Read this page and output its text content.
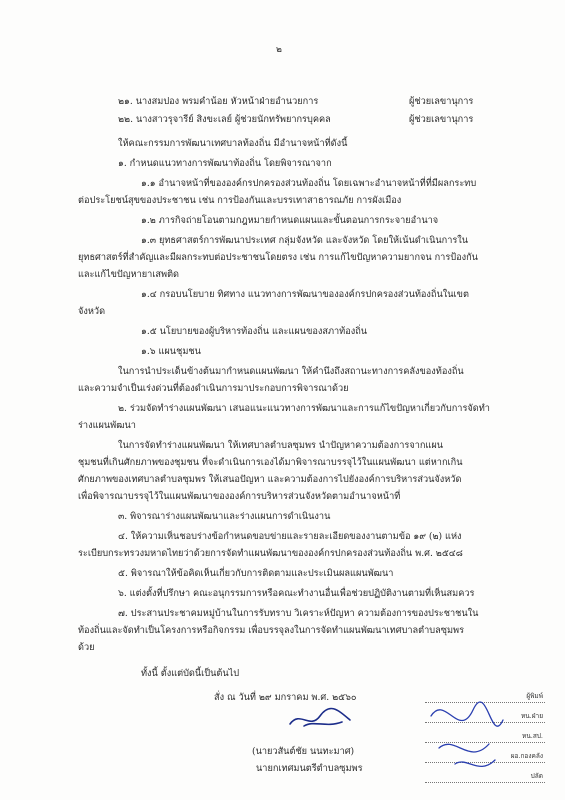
๒
๒๑. นางสมปอง พรมคำน้อย หัวหน้าฝ่ายอำนวยการ	ผู้ช่วยเลขานุการ
๒๒. นางสาวรุจารีย์ สิงขะเลย์ ผู้ช่วยนักทรัพยากรบุคคล	ผู้ช่วยเลขานุการ
ให้คณะกรรมการพัฒนาเทศบาลท้องถิ่น มีอำนาจหน้าที่ดังนี้
๑. กำหนดแนวทางการพัฒนาท้องถิ่น โดยพิจารณาจาก
๑.๑ อำนาจหน้าที่ขององค์กรปกครองส่วนท้องถิ่น โดยเฉพาะอำนาจหน้าที่ที่มีผลกระทบ
ต่อประโยชน์สุขของประชาชน เช่น การป้องกันและบรรเทาสาธารณภัย การผังเมือง
๑.๒ ภารกิจถ่ายโอนตามกฎหมายกำหนดแผนและขั้นตอนการกระจายอำนาจ
๑.๓ ยุทธศาสตร์การพัฒนาประเทศ กลุ่มจังหวัด และจังหวัด โดยให้เน้นดำเนินการใน
ยุทธศาสตร์ที่สำคัญและมีผลกระทบต่อประชาชนโดยตรง เช่น การแก้ไขปัญหาความยากจน การป้องกัน
และแก้ไขปัญหายาเสพติด
๑.๔ กรอบนโยบาย ทิศทาง แนวทางการพัฒนาขององค์กรปกครองส่วนท้องถิ่นในเขต
จังหวัด
๑.๕ นโยบายของผู้บริหารท้องถิ่น และแผนของสภาท้องถิ่น
๑.๖ แผนชุมชน
ในการนำประเด็นข้างต้นมากำหนดแผนพัฒนา ให้คำนึงถึงสถานะทางการคลังของท้องถิ่น
และความจำเป็นเร่งด่วนที่ต้องดำเนินการมาประกอบการพิจารณาด้วย
๒. ร่วมจัดทำร่างแผนพัฒนา เสนอแนะแนวทางการพัฒนาและการแก้ไขปัญหาเกี่ยวกับการจัดทำ
ร่างแผนพัฒนา
ในการจัดทำร่างแผนพัฒนา ให้เทศบาลตำบลซุมพร นำปัญหาความต้องการจากแผน
ชุมชนที่เกินศักยภาพของชุมชน ที่จะดำเนินการเองได้มาพิจารณาบรรจุไว้ในแผนพัฒนา แต่หากเกิน
ศักยภาพของเทศบาลตำบลซุมพร ให้เสนอปัญหา และความต้องการไปยังองค์การบริหารส่วนจังหวัด
เพื่อพิจารณาบรรจุไว้ในแผนพัฒนาขององค์การบริหารส่วนจังหวัดตามอำนาจหน้าที่
๓. พิจารณาร่างแผนพัฒนาและร่างแผนการดำเนินงาน
๔. ให้ความเห็นชอบร่างข้อกำหนดขอบข่ายและรายละเอียดของงานตามข้อ ๑๙ (๒) แห่ง
ระเบียบกระทรวงมหาดไทยว่าด้วยการจัดทำแผนพัฒนาขององค์กรปกครองส่วนท้องถิ่น พ.ศ. ๒๕๔๘
๕. พิจารณาให้ข้อคิดเห็นเกี่ยวกับการติดตามและประเมินผลแผนพัฒนา
๖. แต่งตั้งที่ปรึกษา คณะอนุกรรมการหรือคณะทำงานอื่นเพื่อช่วยปฏิบัติงานตามที่เห็นสมควร
๗. ประสานประชาคมหมู่บ้านในการรับทราบ วิเคราะห์ปัญหา ความต้องการของประชาชนใน
ท้องถิ่นและจัดทำเป็นโครงการหรือกิจกรรม เพื่อบรรจุลงในการจัดทำแผนพัฒนาเทศบาลตำบลซุมพร
ด้วย
ทั้งนี้ ตั้งแต่บัดนี้เป็นต้นไป
สั่ง ณ วันที่ ๒๙ มกราคม พ.ศ. ๒๕๖๐
(นายวสันต์ชัย นนทะมาศ)
นายกเทศมนตรีตำบลซุมพร
ผู้พิมพ์
หน.ฝ่าย
หน.สป.
ผอ.กองคลัง
ปลัด
